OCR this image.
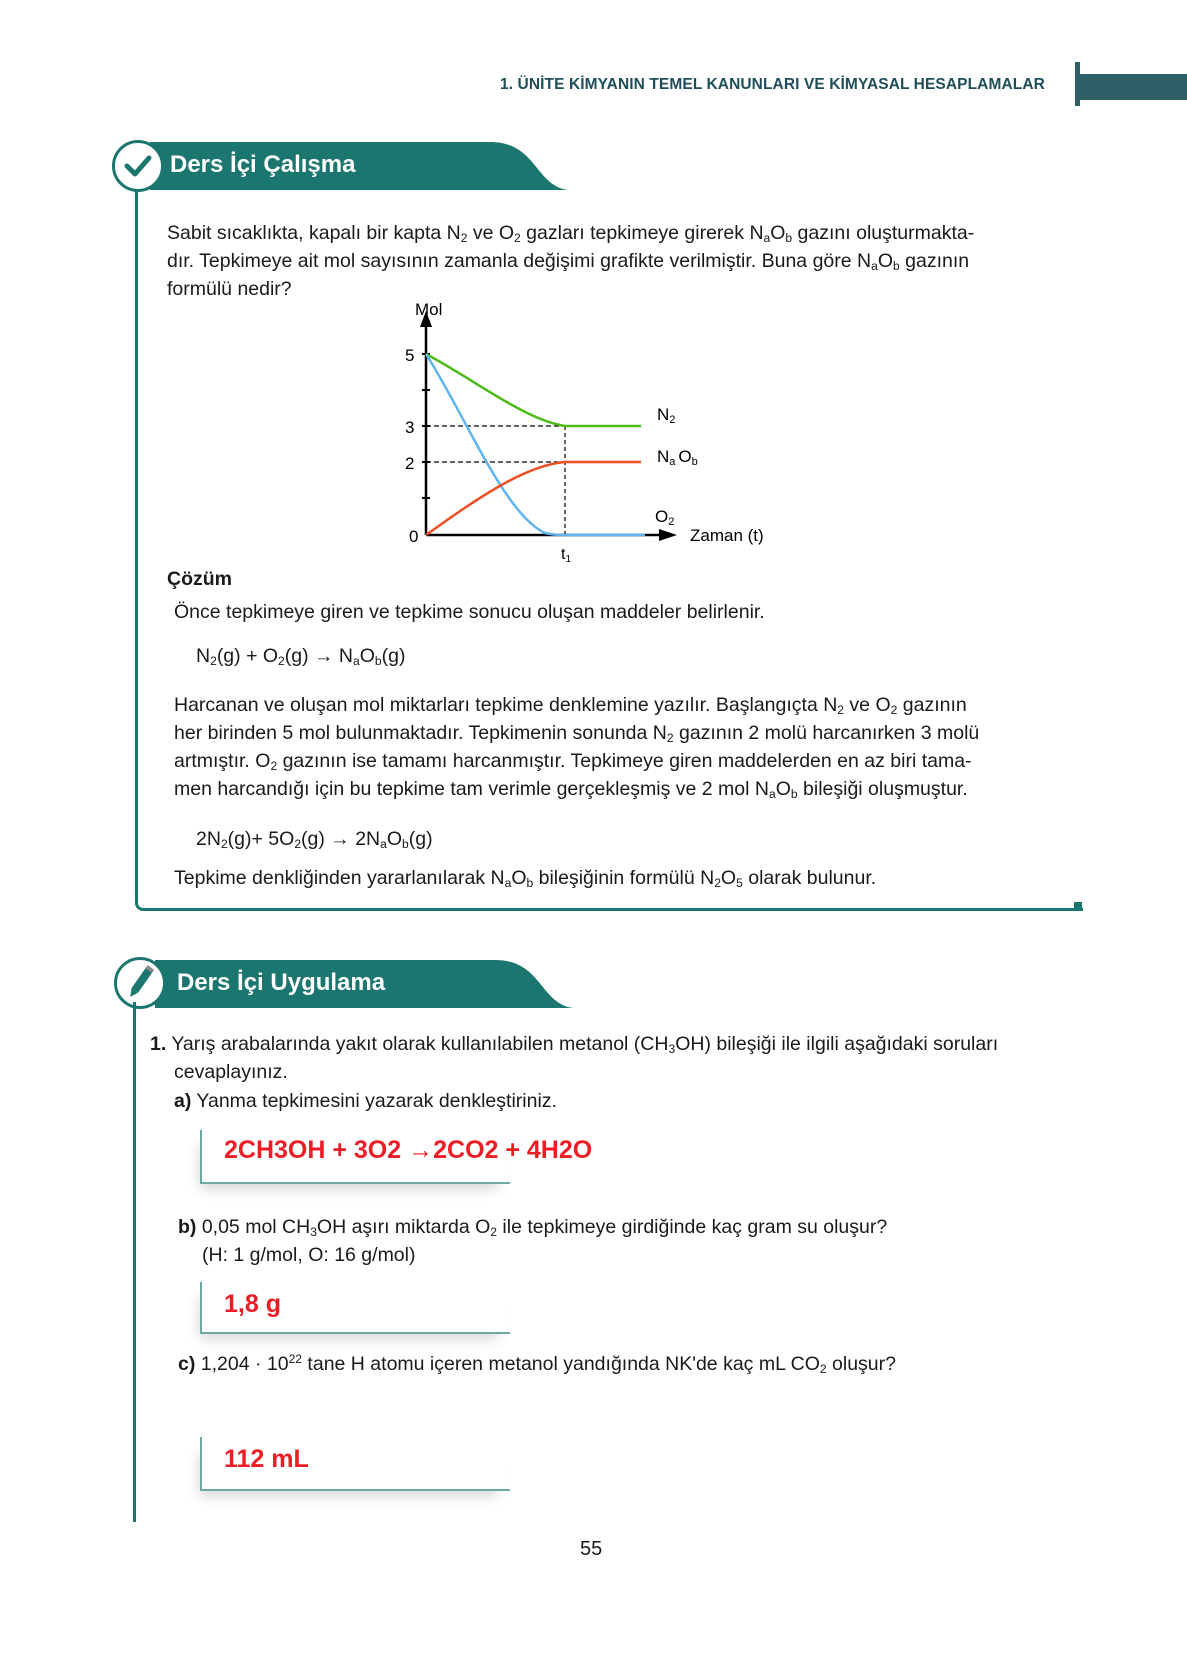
1. ÜNİTE KİMYANIN TEMEL KANUNLARI VE KİMYASAL HESAPLAMALAR
Ders İçi Çalışma
Sabit sıcaklıkta, kapalı bir kapta $N_2$ ve $O_2$ gazları tepkimeye girerek $N_aO_b$ gazını oluşturmakta-
dır. Tepkimeye ait mol sayısının zamanla değişimi grafikte verilmiştir. Buna göre $N_aO_b$ gazının
formülü nedir?
Mol
5
3
2
0
t1
N2
Na Ob
O2
Zaman (t)
Çözüm
Önce tepkimeye giren ve tepkime sonucu oluşan maddeler belirlenir.
$N_2(g) + O_2(g) \to N_aO_b(g)$
Harcanan ve oluşan mol miktarları tepkime denklemine yazılır. Başlangıçta $N_2$ ve $O_2$ gazının
her birinden 5 mol bulunmaktadır. Tepkimenin sonunda $N_2$ gazının 2 molü harcanırken 3 molü
artmıştır. $O_2$ gazının ise tamamı harcanmıştır. Tepkimeye giren maddelerden en az biri tama-
men harcandığı için bu tepkime tam verimle gerçekleşmiş ve 2 mol $N_aO_b$ bileşiği oluşmuştur.
$2N_2(g)+ 5O_2(g) \to 2N_aO_b(g)$
Tepkime denkliğinden yararlanılarak $N_aO_b$ bileşiğinin formülü $N_2O_5$ olarak bulunur.
Ders İçi Uygulama
1. Yarış arabalarında yakıt olarak kullanılabilen metanol $(CH_3OH)$ bileşiği ile ilgili aşağıdaki soruları
cevaplayınız.
a) Yanma tepkimesini yazarak denkleştiriniz.
2CH3OH + 3O2 →2CO2 + 4H2O
b) 0,05 mol $CH_3OH$ aşırı miktarda $O_2$ ile tepkimeye girdiğinde kaç gram su oluşur?
(H: 1 g/mol, O: 16 g/mol)
1,8 g
c) $1,204 \cdot 10^{22}$ tane H atomu içeren metanol yandığında NK'de kaç mL $CO_2$ oluşur?
112 mL
55
